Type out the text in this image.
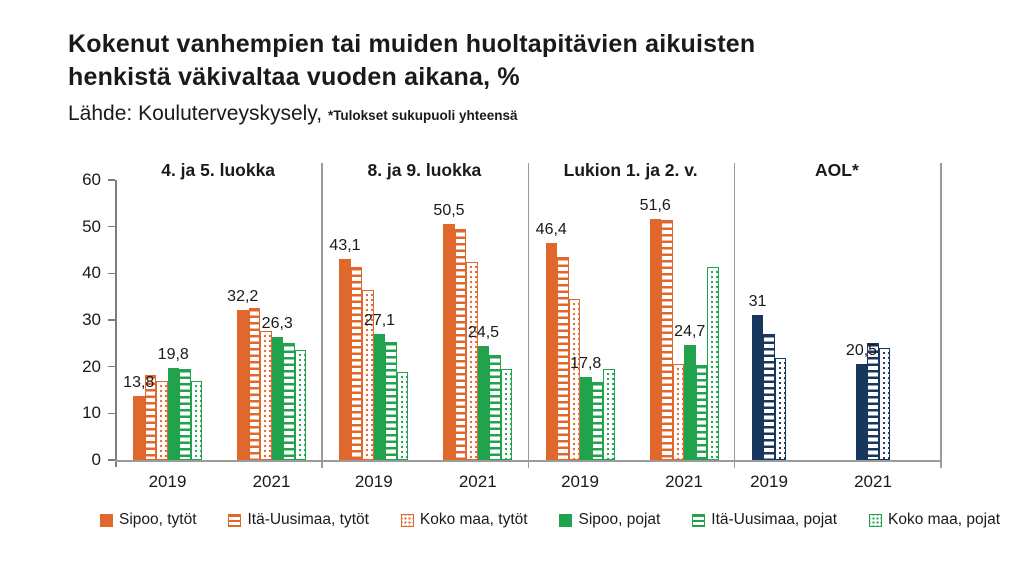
Kokenut vanhempien tai muiden huoltapitävien aikuisten
henkistä väkivaltaa vuoden aikana, %
Lähde: Kouluterveyskysely, *Tulokset sukupuoli yhteensä
0
10
20
30
40
50
60	4. ja 5. luokka
13,8
19,8
2019
32,2
26,3
2021
8. ja 9. luokka
43,1
27,1
2019
50,5
24,5
2021
Lukion 1. ja 2. v.
46,4
17,8
2019
51,6
24,7
2021
AOL*
31
2019
20,5
2021
Sipoo, tytöt	Itä-Uusimaa, tytöt	Koko maa, tytöt	Sipoo, pojat	Itä-Uusimaa, pojat	Koko maa, pojat
